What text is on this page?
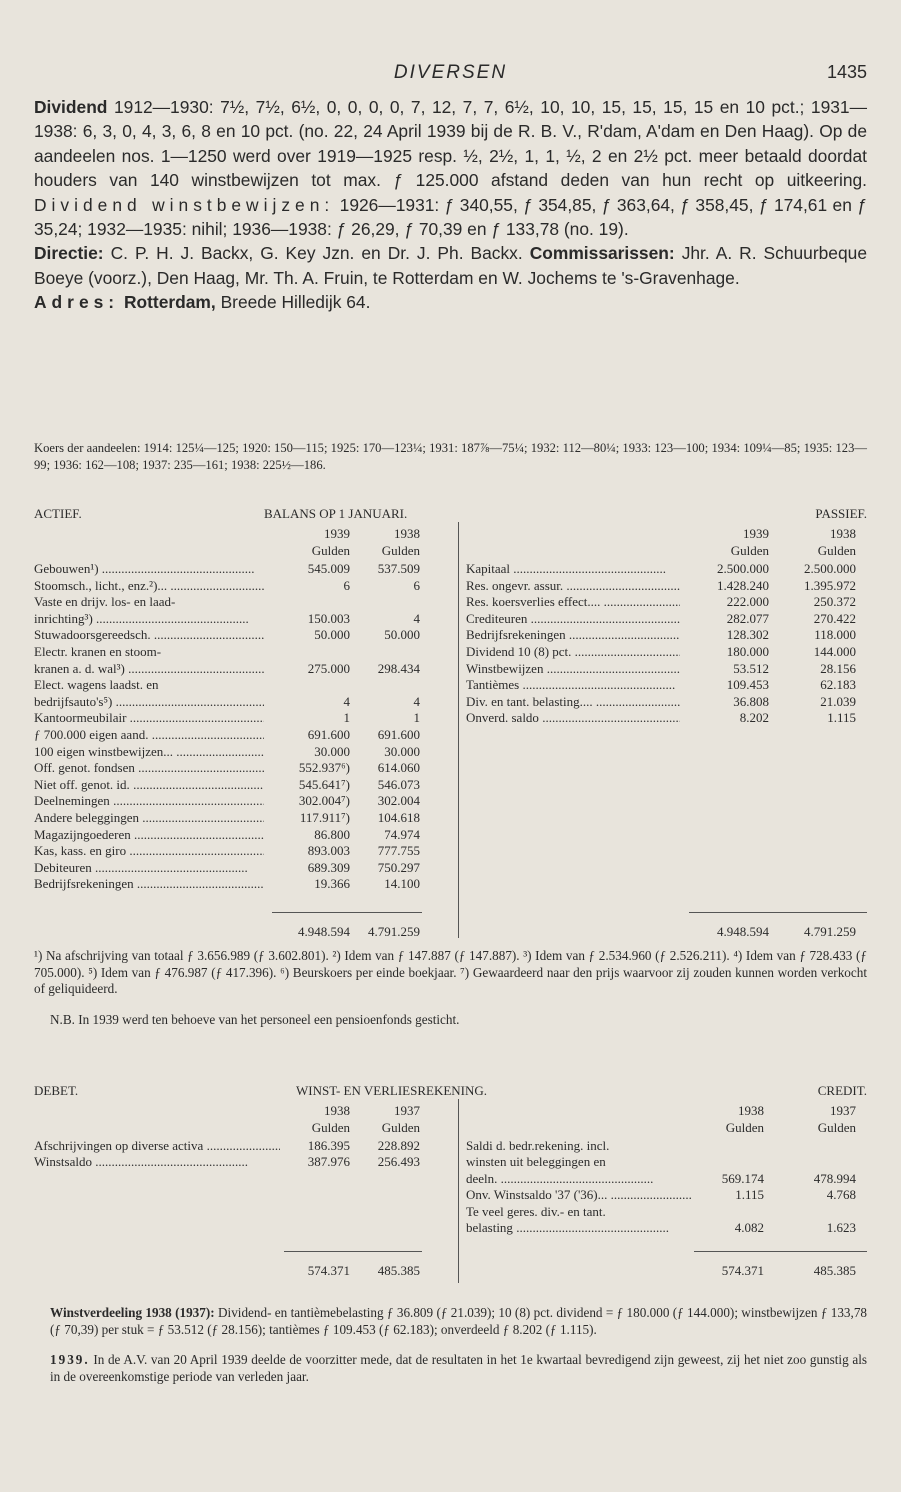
DIVERSEN	1435

Dividend 1912—1930: 7½, 7½, 6½, 0, 0, 0, 0, 7, 12, 7, 7, 6½, 10, 10, 15, 15, 15, 15 en 10 pct.; 1931—1938: 6, 3, 0, 4, 3, 6, 8 en 10 pct. (no. 22, 24 April 1939 bij de R. B. V., R'dam, A'dam en Den Haag). Op de aandeelen nos. 1—1250 werd over 1919—1925 resp. ½, 2½, 1, 1, ½, 2 en 2½ pct. meer betaald doordat houders van 140 winstbewijzen tot max. ƒ 125.000 afstand deden van hun recht op uitkeering. Dividend winstbewijzen: 1926—1931: ƒ 340,55, ƒ 354,85, ƒ 363,64, ƒ 358,45, ƒ 174,61 en ƒ 35,24; 1932—1935: nihil; 1936—1938: ƒ 26,29, ƒ 70,39 en ƒ 133,78 (no. 19).

Directie: C. P. H. J. Backx, G. Key Jzn. en Dr. J. Ph. Backx. Commissarissen: Jhr. A. R. Schuurbeque Boeye (voorz.), Den Haag, Mr. Th. A. Fruin, te Rotterdam en W. Jochems te 's-Gravenhage.

Adres: Rotterdam, Breede Hilledijk 64.

Koers der aandeelen: 1914: 125¼—125; 1920: 150—115; 1925: 170—123¼; 1931: 187⅞—75¼; 1932: 112—80¼; 1933: 123—100; 1934: 109¼—85; 1935: 123—99; 1936: 162—108; 1937: 235—161; 1938: 225½—186.

ACTIEF.	BALANS OP 1 JANUARI.	PASSIEF.
1939	1938
Gulden	Gulden
1939	1938
Gulden	Gulden
Gebouwen¹) .....	545.009	537.509
Stoomsch., licht., enz.²)... .....	6	6
Vaste en drijv. los- en laad-
inrichting³) .....	150.003	4
Stuwadoorsgereedsch. .....	50.000	50.000
Electr. kranen en stoom-
kranen a. d. wal³) .....	275.000	298.434
Elect. wagens laadst. en
bedrijfsauto's⁵) .....	4	4
Kantoormeubilair .....	1	1
ƒ 700.000 eigen aand. .....	691.600	691.600
100 eigen winstbewijzen... .....	30.000	30.000
Off. genot. fondsen .....	552.937⁶)	614.060
Niet off. genot. id. .....	545.641⁷)	546.073
Deelnemingen .....	302.004⁷)	302.004
Andere beleggingen .....	117.911⁷)	104.618
Magazijngoederen .....	86.800	74.974
Kas, kass. en giro .....	893.003	777.755
Debiteuren .....	689.309	750.297
Bedrijfsrekeningen .....	19.366	14.100
Kapitaal .....	2.500.000	2.500.000
Res. ongevr. assur. .....	1.428.240	1.395.972
Res. koersverlies effect.... .....	222.000	250.372
Crediteuren .....	282.077	270.422
Bedrijfsrekeningen .....	128.302	118.000
Dividend 10 (8) pct. .....	180.000	144.000
Winstbewijzen .....	53.512	28.156
Tantièmes .....	109.453	62.183
Div. en tant. belasting.... .....	36.808	21.039
Onverd. saldo .....	8.202	1.115
4.948.594	4.791.259	4.948.594	4.791.259

¹) Na afschrijving van totaal ƒ 3.656.989 (ƒ 3.602.801). ²) Idem van ƒ 147.887 (ƒ 147.887). ³) Idem van ƒ 2.534.960 (ƒ 2.526.211). ⁴) Idem van ƒ 728.433 (ƒ 705.000). ⁵) Idem van ƒ 476.987 (ƒ 417.396). ⁶) Beurskoers per einde boekjaar. ⁷) Gewaardeerd naar den prijs waarvoor zij zouden kunnen worden verkocht of geliquideerd.

N.B. In 1939 werd ten behoeve van het personeel een pensioenfonds gesticht.

DEBET.	WINST- EN VERLIESREKENING.	CREDIT.
1938	1937
Gulden	Gulden
1938	1937
Gulden	Gulden
Afschrijvingen op diverse activa .....	186.395	228.892
Winstsaldo .....	387.976	256.493
Saldi d. bedr.rekening. incl.
winsten uit beleggingen en
deeln. .....	569.174	478.994
Onv. Winstsaldo '37 ('36)... .....	1.115	4.768
Te veel geres. div.- en tant.
belasting .....	4.082	1.623
574.371	485.385	574.371	485.385

Winstverdeeling 1938 (1937): Dividend- en tantièmebelasting ƒ 36.809 (ƒ 21.039); 10 (8) pct. dividend = ƒ 180.000 (ƒ 144.000); winstbewijzen ƒ 133,78 (ƒ 70,39) per stuk = ƒ 53.512 (ƒ 28.156); tantièmes ƒ 109.453 (ƒ 62.183); onverdeeld ƒ 8.202 (ƒ 1.115).

1939. In de A.V. van 20 April 1939 deelde de voorzitter mede, dat de resultaten in het 1e kwartaal bevredigend zijn geweest, zij het niet zoo gunstig als in de overeenkomstige periode van verleden jaar.
